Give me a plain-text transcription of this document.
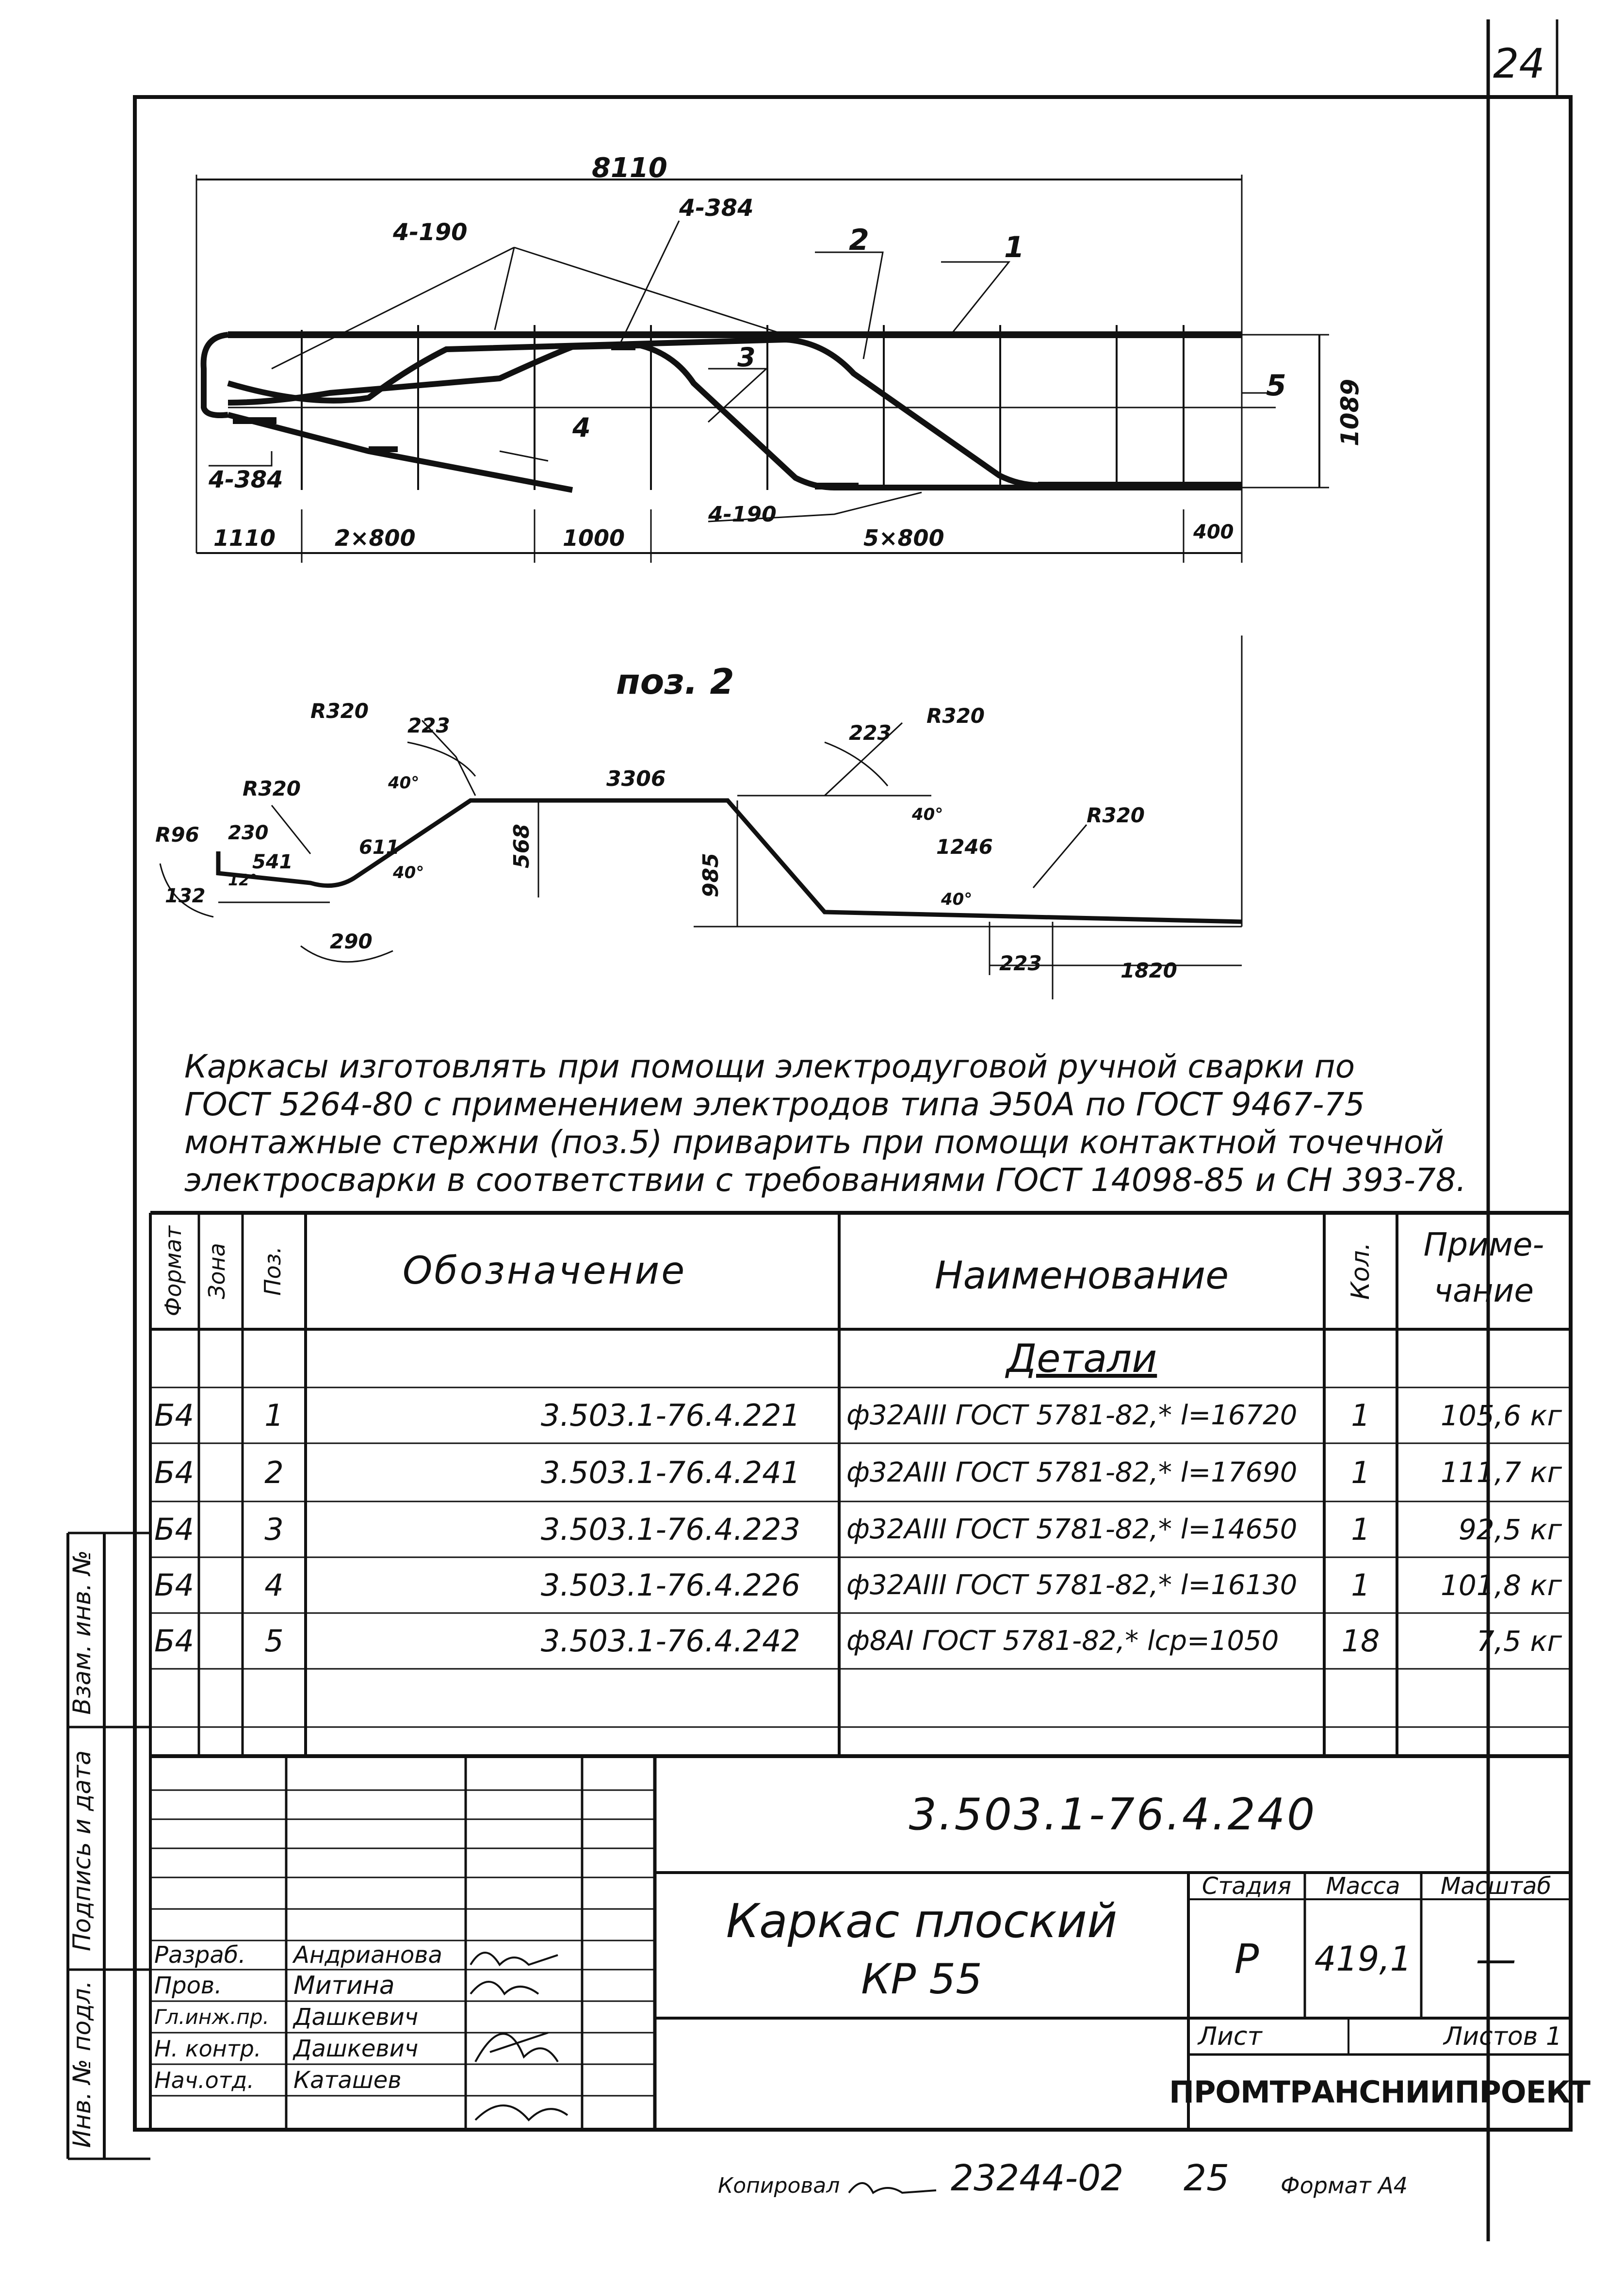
24
8110
4-190
4-384
4-384
4-190
2	1
3
4
5 1089
1110	2×800	1000	5×800	400
поз. 2
R96
R320
R320	R320
R320
223	223
223
3306
230
541
611	568
985
1246
1820
132
290
12°
40°
40°
40°
40°
Каркасы изготовлять при помощи электродуговой ручной сварки по
ГОСТ 5264-80 с применением электродов типа Э50А по ГОСТ 9467-75
монтажные стержни (поз.5) приварить при помощи контактной точечной
электросварки в соответствии с требованиями ГОСТ 14098-85 и СН 393-78.
Формат Зона Поз.	Обозначение	Наименование	Кол.	Приме-
чание
Детали
Б4	1	3.503.1-76.4.221 ф32АIII ГОСТ 5781-82,* l=16720	1	105,6 кг
Б4	2	3.503.1-76.4.241 ф32АIII ГОСТ 5781-82,* l=17690	1	111,7 кг
Б4	3	3.503.1-76.4.223 ф32АIII ГОСТ 5781-82,* l=14650	1	92,5 кг
Б4	4	3.503.1-76.4.226 ф32АIII ГОСТ 5781-82,* l=16130	1	101,8 кг
Б4	5	3.503.1-76.4.242 ф8АI ГОСТ 5781-82,* lср=1050	18	7,5 кг
Взам. инв. №
Подпись и дата
Инв. № подл.
3.503.1-76.4.240
Каркас плоский
КР 55
Стадия	Масса	Масштаб
Р	419,1	—
Лист	Листов 1
ПРОМТРАНСНИИПРОЕКТ
Разраб.	Андрианова
Пров.	Митина
Гл.инж.пр.	Дашкевич
Н. контр.	Дашкевич
Нач.отд.	Каташев
Копировал	23244-02	25	Формат А4
